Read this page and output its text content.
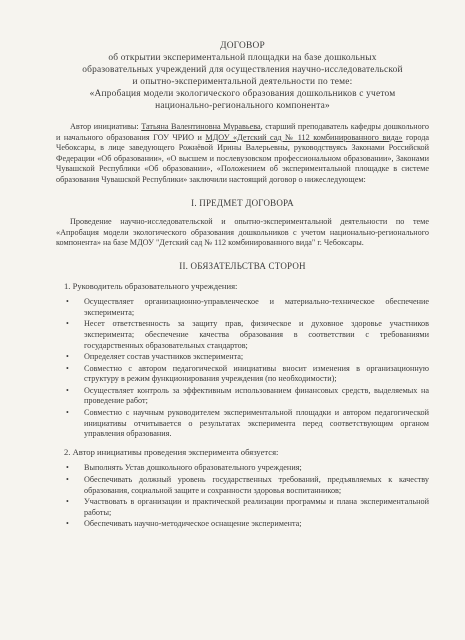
ДОГОВОР
об открытии экспериментальной площадки на базе дошкольных
образовательных учреждений для осуществления научно-исследовательской
и опытно-экспериментальной деятельности по теме:
«Апробация модели экологического образования дошкольников с учетом
национально-регионального компонента»

Автор инициативы: Татьяна Валентиновна Муравьева, старший преподаватель кафедры дошкольного и начального образования ГОУ ЧРИО и МДОУ «Детский сад № 112 комбинированного вида» города Чебоксары, в лице заведующего Рожнёвой Ирины Валерьевны, руководствуясь Законами Российской Федерации «Об образовании», «О высшем и послевузовском профессиональном образовании», Законами Чувашской Республики «Об образовании», «Положением об экспериментальной площадке в системе образования Чувашской Республики» заключили настоящий договор о нижеследующем:

I. ПРЕДМЕТ ДОГОВОРА

Проведение научно-исследовательской и опытно-экспериментальной деятельности по теме «Апробация модели экологического образования дошкольников с учетом национально-регионального компонента» на базе МДОУ "Детский сад № 112 комбинированного вида" г. Чебоксары.

II. ОБЯЗАТЕЛЬСТВА СТОРОН
1. Руководитель образовательного учреждения:
• Осуществляет организационно-управленческое и материально-техническое обеспечение эксперимента;
• Несет ответственность за защиту прав, физическое и духовное здоровье участников эксперимента; обеспечение качества образования в соответствии с требованиями государственных образовательных стандартов;
• Определяет состав участников эксперимента;
• Совместно с автором педагогической инициативы вносит изменения в организационную структуру в режим функционирования учреждения (по необходимости);
• Осуществляет контроль за эффективным использованием финансовых средств, выделяемых на проведение работ;
• Совместно с научным руководителем экспериментальной площадки и автором педагогической инициативы отчитывается о результатах эксперимента перед соответствующим органом управления образования.
2. Автор инициативы проведения эксперимента обязуется:
• Выполнять Устав дошкольного образовательного учреждения;
• Обеспечивать должный уровень государственных требований, предъявляемых к качеству образования, социальной защите и сохранности здоровья воспитанников;
• Участвовать в организации и практической реализации программы и плана экспериментальной работы;
• Обеспечивать научно-методическое оснащение эксперимента;
